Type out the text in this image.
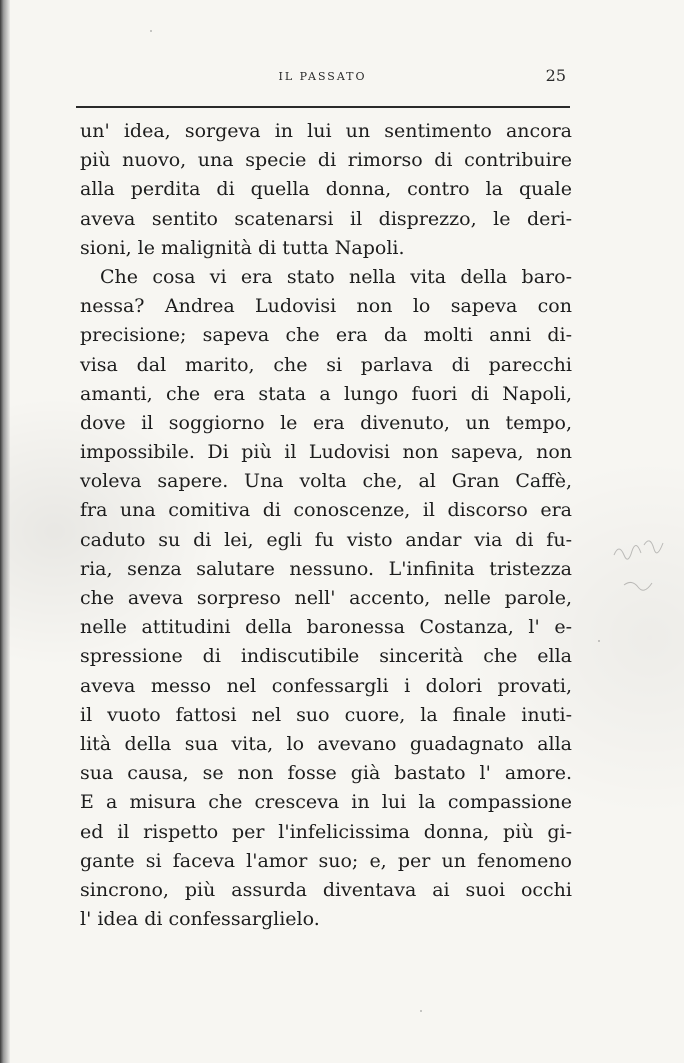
IL PASSATO	25
un' idea, sorgeva in lui un sentimento ancora
più nuovo, una specie di rimorso di contribuire
alla perdita di quella donna, contro la quale
aveva sentito scatenarsi il disprezzo, le deri-
sioni, le malignità di tutta Napoli.
Che cosa vi era stato nella vita della baro-
nessa? Andrea Ludovisi non lo sapeva con
precisione; sapeva che era da molti anni di-
visa dal marito, che si parlava di parecchi
amanti, che era stata a lungo fuori di Napoli,
dove il soggiorno le era divenuto, un tempo,
impossibile. Di più il Ludovisi non sapeva, non
voleva sapere. Una volta che, al Gran Caffè,
fra una comitiva di conoscenze, il discorso era
caduto su di lei, egli fu visto andar via di fu-
ria, senza salutare nessuno. L'infinita tristezza
che aveva sorpreso nell' accento, nelle parole,
nelle attitudini della baronessa Costanza, l' e-
spressione di indiscutibile sincerità che ella
aveva messo nel confessargli i dolori provati,
il vuoto fattosi nel suo cuore, la finale inuti-
lità della sua vita, lo avevano guadagnato alla
sua causa, se non fosse già bastato l' amore.
E a misura che cresceva in lui la compassione
ed il rispetto per l'infelicissima donna, più gi-
gante si faceva l'amor suo; e, per un fenomeno
sincrono, più assurda diventava ai suoi occhi
l' idea di confessarglielo.
